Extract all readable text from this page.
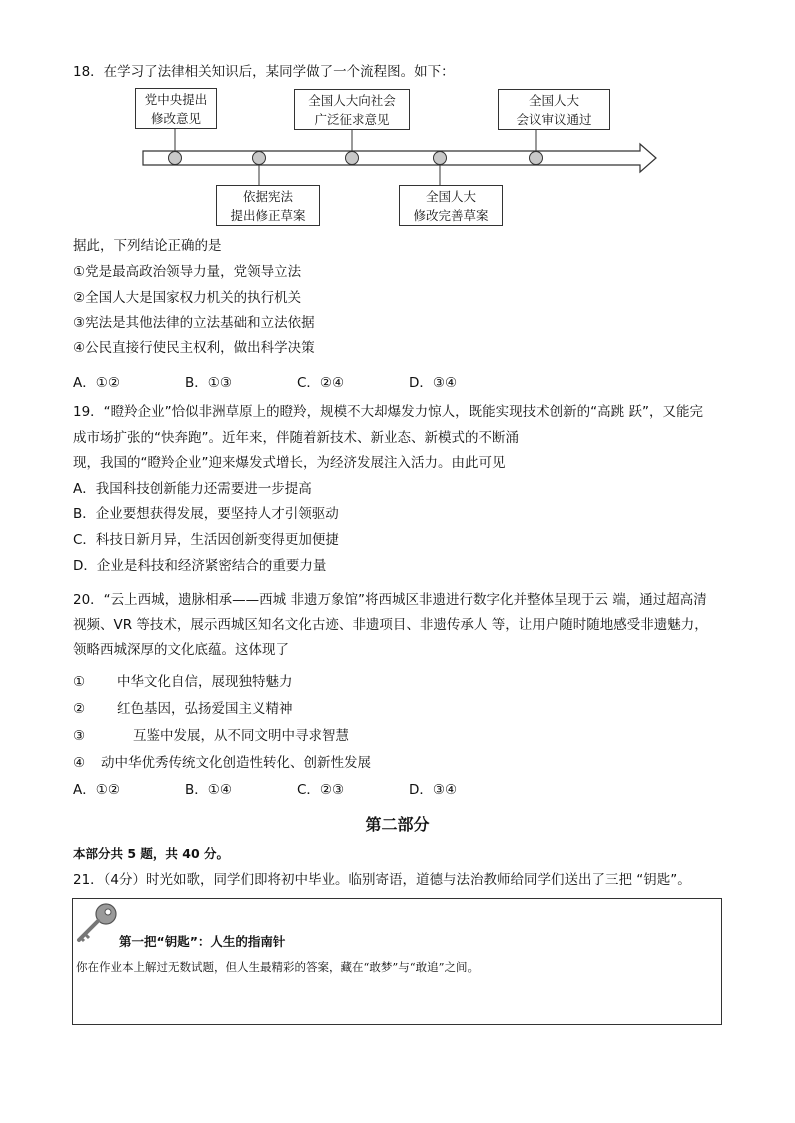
18．在学习了法律相关知识后，某同学做了一个流程图。如下：
党中央提出
修改意见
全国人大向社会
广泛征求意见
全国人大
会议审议通过
依据宪法
提出修正草案
全国人大
修改完善草案
据此，下列结论正确的是
①党是最高政治领导力量，党领导立法
②全国人大是国家权力机关的执行机关
③宪法是其他法律的立法基础和立法依据
④公民直接行使民主权利，做出科学决策
A．①②	B．①③	C．②④	D．③④
19．“瞪羚企业”恰似非洲草原上的瞪羚，规模不大却爆发力惊人，既能实现技术创新的“高跳 跃”，又能完
成市场扩张的“快奔跑”。近年来，伴随着新技术、新业态、新模式的不断涌
现，我国的“瞪羚企业”迎来爆发式增长，为经济发展注入活力。由此可见
A．我国科技创新能力还需要进一步提高
B．企业要想获得发展，要坚持人才引领驱动
C．科技日新月异，生活因创新变得更加便捷
D．企业是科技和经济紧密结合的重要力量
20．“云上西城，遗脉相承——西城 非遗万象馆”将西城区非遗进行数字化并整体呈现于云 端，通过超高清
视频、VR 等技术，展示西城区知名文化古迹、非遗项目、非遗传承人 等，让用户随时随地感受非遗魅力，
领略西城深厚的文化底蕴。这体现了
① 中华文化自信，展现独特魅力
② 红色基因，弘扬爱国主义精神
③	互鉴中发展，从不同文明中寻求智慧
④ 动中华优秀传统文化创造性转化、创新性发展
A．①②	B．①④	C．②③	D．③④
第二部分
本部分共 5 题，共 40 分。
21．（4分）时光如歌，同学们即将初中毕业。临别寄语，道德与法治教师给同学们送出了三把 “钥匙”。
第一把“钥匙”：人生的指南针
你在作业本上解过无数试题，但人生最精彩的答案，藏在“敢梦”与“敢追”之间。
